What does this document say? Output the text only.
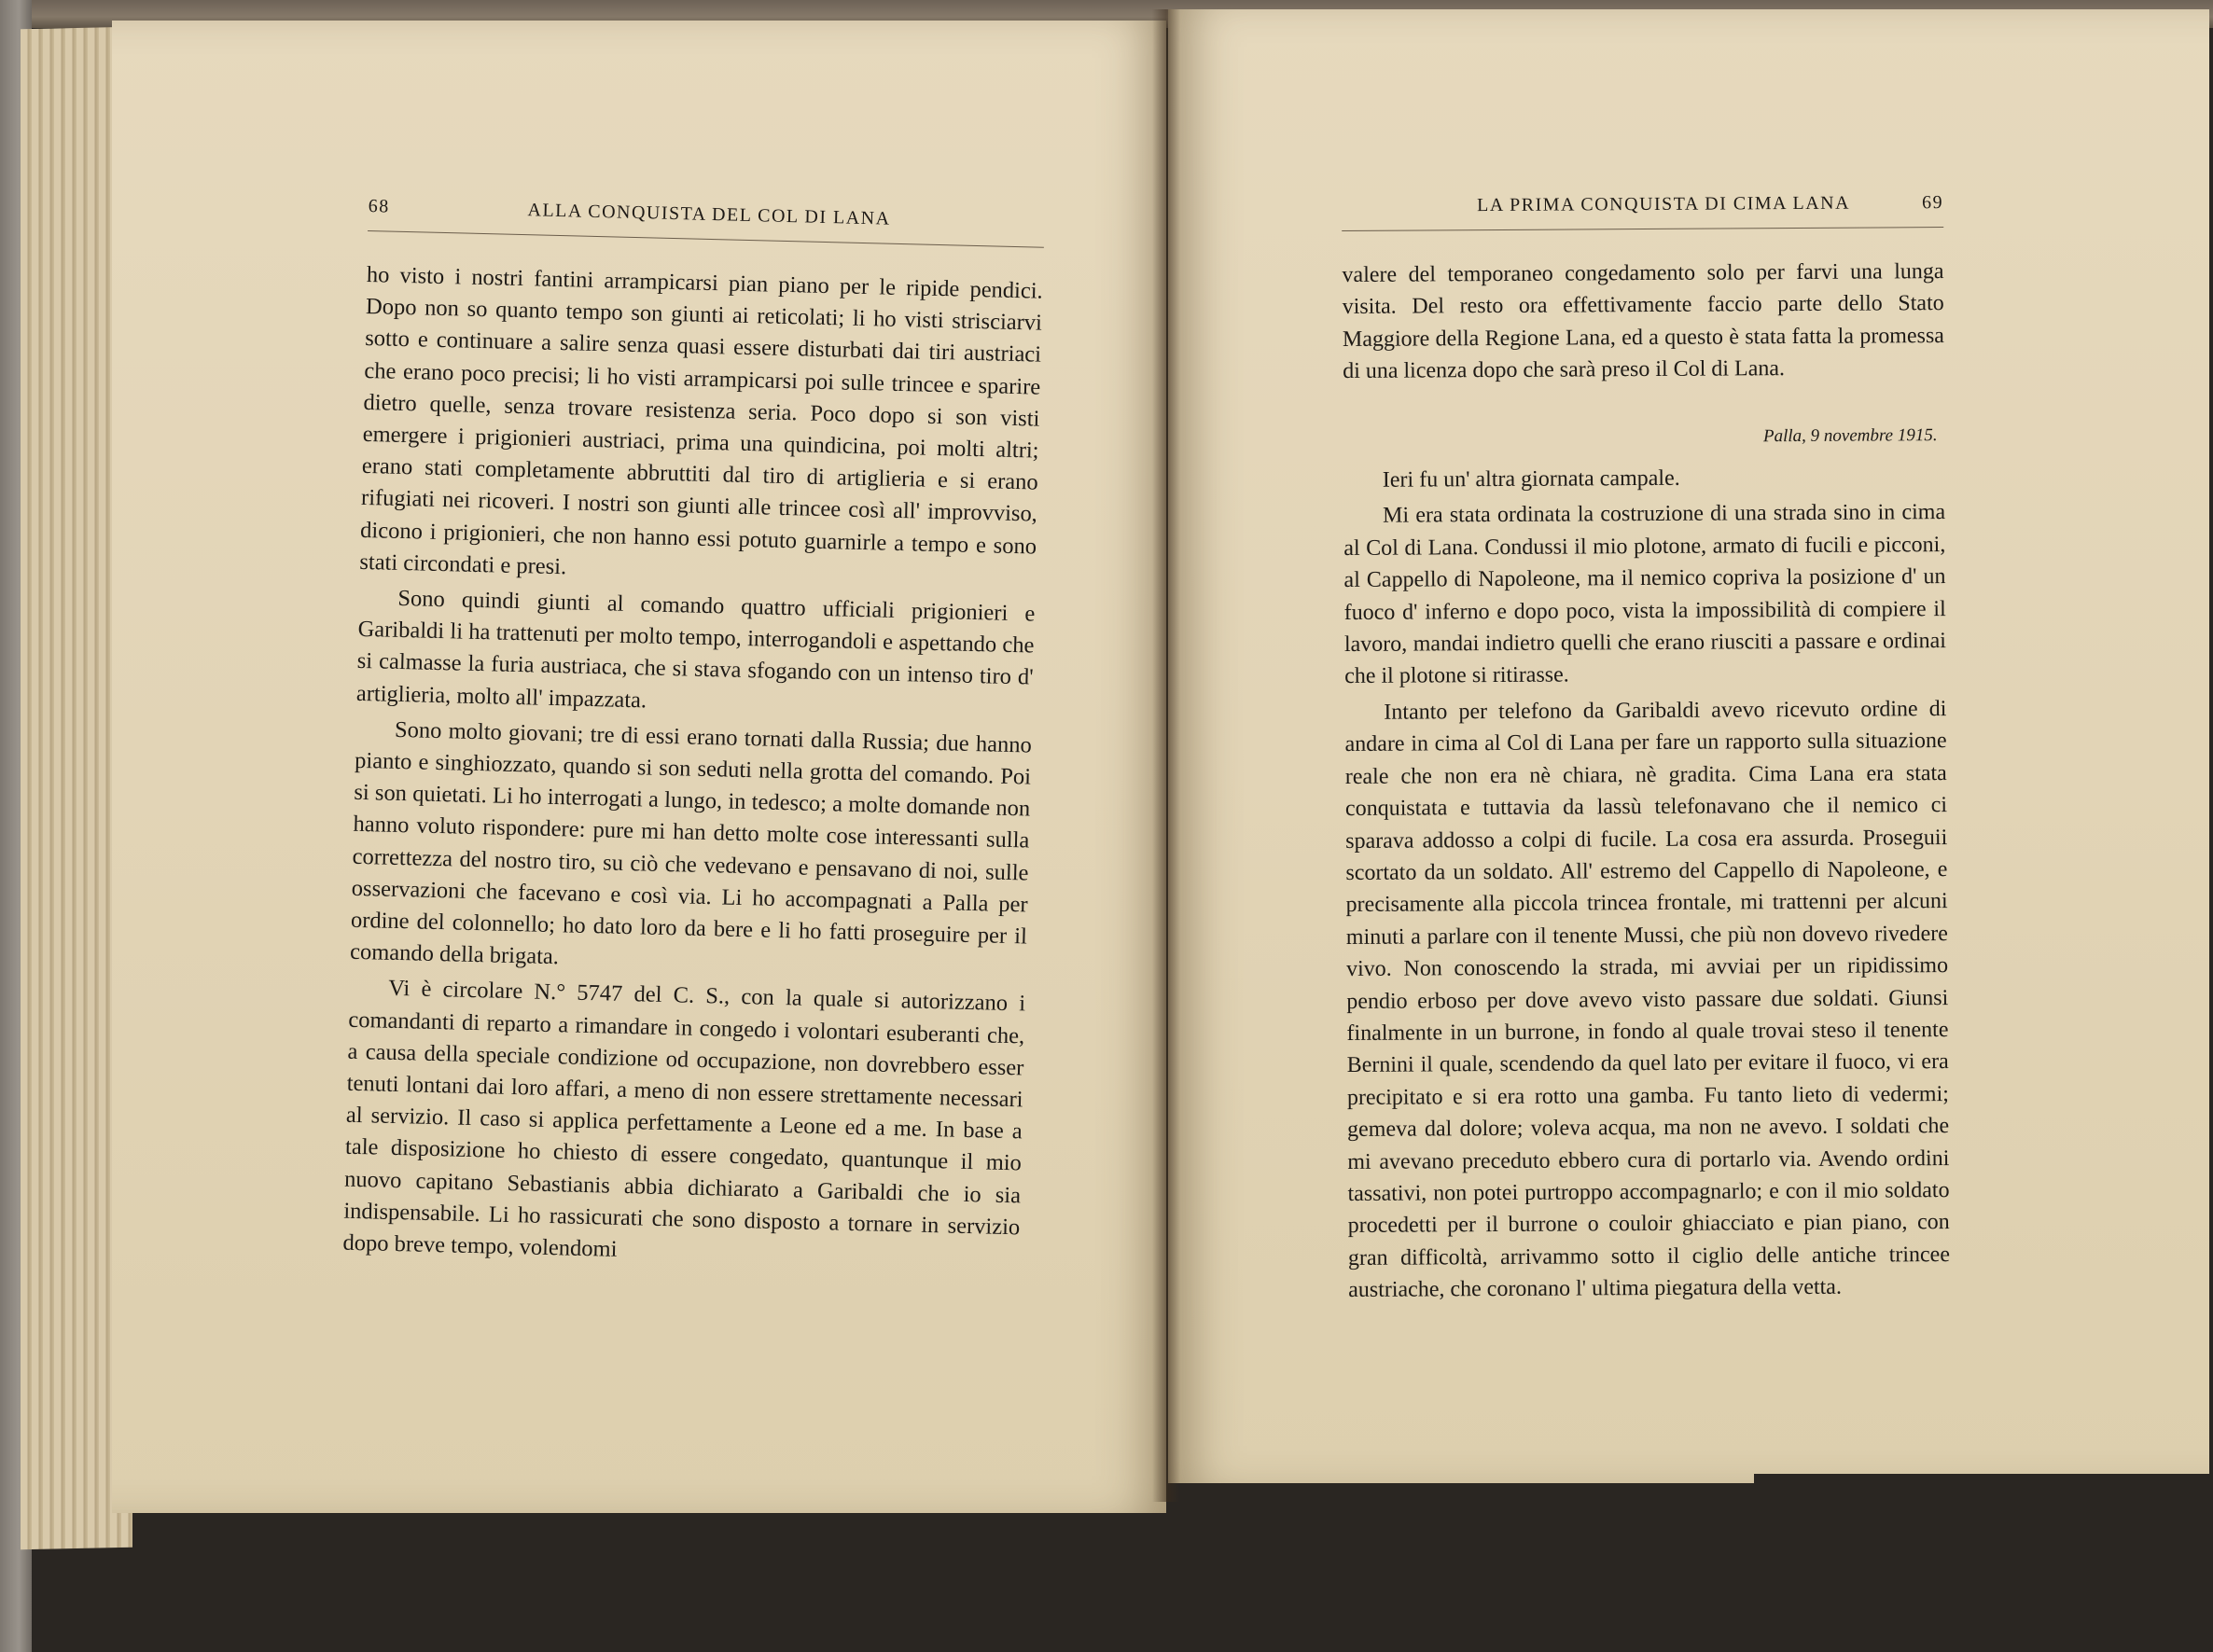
68	ALLA CONQUISTA DEL COL DI LANA

ho visto i nostri fantini arrampicarsi pian piano per le ripide pendici. Dopo non so quanto tempo son giunti ai reticolati; li ho visti strisciarvi sotto e continuare a salire senza quasi essere disturbati dai tiri austriaci che erano poco precisi; li ho visti arrampicarsi poi sulle trincee e sparire dietro quelle, senza trovare resistenza seria. Poco dopo si son visti emergere i prigionieri austriaci, prima una quindicina, poi molti altri; erano stati completamente abbruttiti dal tiro di artiglieria e si erano rifugiati nei ricoveri. I nostri son giunti alle trincee così all' improvviso, dicono i prigionieri, che non hanno essi potuto guarnirle a tempo e sono stati circondati e presi.

Sono quindi giunti al comando quattro ufficiali prigionieri e Garibaldi li ha trattenuti per molto tempo, interrogandoli e aspettando che si calmasse la furia austriaca, che si stava sfogando con un intenso tiro d' artiglieria, molto all' impazzata.

Sono molto giovani; tre di essi erano tornati dalla Russia; due hanno pianto e singhiozzato, quando si son seduti nella grotta del comando. Poi si son quietati. Li ho interrogati a lungo, in tedesco; a molte domande non hanno voluto rispondere: pure mi han detto molte cose interessanti sulla correttezza del nostro tiro, su ciò che vedevano e pensavano di noi, sulle osservazioni che facevano e così via. Li ho accompagnati a Palla per ordine del colonnello; ho dato loro da bere e li ho fatti proseguire per il comando della brigata.

Vi è circolare N.° 5747 del C. S., con la quale si autorizzano i comandanti di reparto a rimandare in congedo i volontari esuberanti che, a causa della speciale condizione od occupazione, non dovrebbero esser tenuti lontani dai loro affari, a meno di non essere strettamente necessari al servizio. Il caso si applica perfettamente a Leone ed a me. In base a tale disposizione ho chiesto di essere congedato, quantunque il mio nuovo capitano Sebastianis abbia dichiarato a Garibaldi che io sia indispensabile. Li ho rassicurati che sono disposto a tornare in servizio dopo breve tempo, volendomi

LA PRIMA CONQUISTA DI CIMA LANA	69

valere del temporaneo congedamento solo per farvi una lunga visita. Del resto ora effettivamente faccio parte dello Stato Maggiore della Regione Lana, ed a questo è stata fatta la promessa di una licenza dopo che sarà preso il Col di Lana.

Palla, 9 novembre 1915.

Ieri fu un' altra giornata campale.

Mi era stata ordinata la costruzione di una strada sino in cima al Col di Lana. Condussi il mio plotone, armato di fucili e picconi, al Cappello di Napoleone, ma il nemico copriva la posizione d' un fuoco d' inferno e dopo poco, vista la impossibilità di compiere il lavoro, mandai indietro quelli che erano riusciti a passare e ordinai che il plotone si ritirasse.

Intanto per telefono da Garibaldi avevo ricevuto ordine di andare in cima al Col di Lana per fare un rapporto sulla situazione reale che non era nè chiara, nè gradita. Cima Lana era stata conquistata e tuttavia da lassù telefonavano che il nemico ci sparava addosso a colpi di fucile. La cosa era assurda. Proseguii scortato da un soldato. All' estremo del Cappello di Napoleone, e precisamente alla piccola trincea frontale, mi trattenni per alcuni minuti a parlare con il tenente Mussi, che più non dovevo rivedere vivo. Non conoscendo la strada, mi avviai per un ripidissimo pendio erboso per dove avevo visto passare due soldati. Giunsi finalmente in un burrone, in fondo al quale trovai steso il tenente Bernini il quale, scendendo da quel lato per evitare il fuoco, vi era precipitato e si era rotto una gamba. Fu tanto lieto di vedermi; gemeva dal dolore; voleva acqua, ma non ne avevo. I soldati che mi avevano preceduto ebbero cura di portarlo via. Avendo ordini tassativi, non potei purtroppo accompagnarlo; e con il mio soldato procedetti per il burrone o couloir ghiacciato e pian piano, con gran difficoltà, arrivammo sotto il ciglio delle antiche trincee austriache, che coronano l' ultima piegatura della vetta.
